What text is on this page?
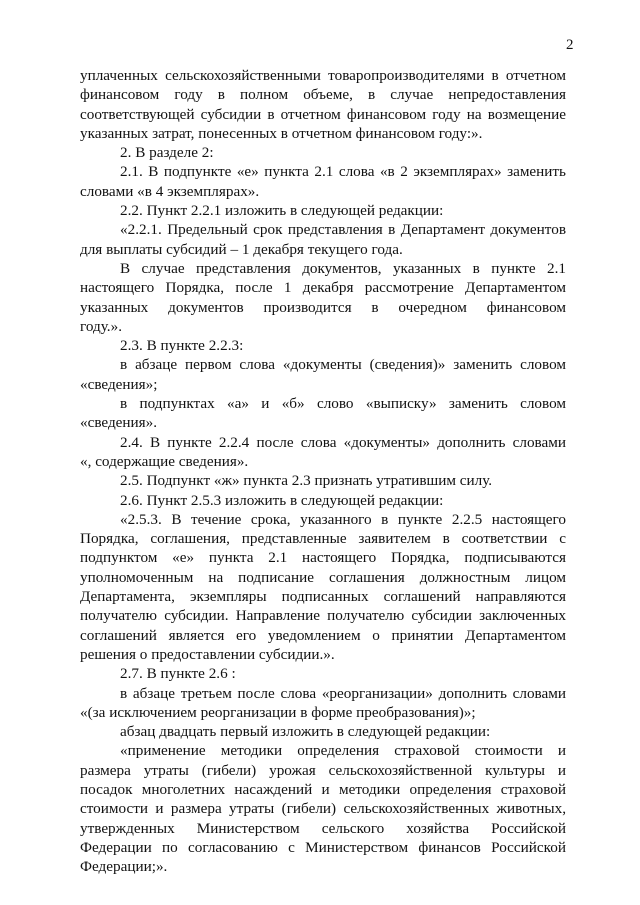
2
уплаченных сельскохозяйственными товаропроизводителями в отчетном
финансовом году в полном объеме, в случае непредоставления
соответствующей субсидии в отчетном финансовом году на возмещение
указанных затрат, понесенных в отчетном финансовом году:».
2. В разделе 2:
2.1. В подпункте «е» пункта 2.1 слова «в 2 экземплярах» заменить
словами «в 4 экземплярах».
2.2. Пункт 2.2.1 изложить в следующей редакции:
«2.2.1. Предельный срок представления в Департамент документов
для выплаты субсидий – 1 декабря текущего года.
В случае представления документов, указанных в пункте 2.1
настоящего Порядка, после 1 декабря рассмотрение Департаментом
указанных документов производится в очередном финансовом
году.».
2.3. В пункте 2.2.3:
в абзаце первом слова «документы (сведения)» заменить словом
«сведения»;
в подпунктах «а» и «б» слово «выписку» заменить словом
«сведения».
2.4. В пункте 2.2.4 после слова «документы» дополнить словами
«, содержащие сведения».
2.5. Подпункт «ж» пункта 2.3 признать утратившим силу.
2.6. Пункт 2.5.3 изложить в следующей редакции:
«2.5.3. В течение срока, указанного в пункте 2.2.5 настоящего
Порядка, соглашения, представленные заявителем в соответствии с
подпунктом «е» пункта 2.1 настоящего Порядка, подписываются
уполномоченным на подписание соглашения должностным лицом
Департамента, экземпляры подписанных соглашений направляются
получателю субсидии. Направление получателю субсидии заключенных
соглашений является его уведомлением о принятии Департаментом
решения о предоставлении субсидии.».
2.7. В пункте 2.6 :
в абзаце третьем после слова «реорганизации» дополнить словами
«(за исключением реорганизации в форме преобразования)»;
абзац двадцать первый изложить в следующей редакции:
«применение методики определения страховой стоимости и
размера утраты (гибели) урожая сельскохозяйственной культуры и
посадок многолетних насаждений и методики определения страховой
стоимости и размера утраты (гибели) сельскохозяйственных животных,
утвержденных Министерством сельского хозяйства Российской
Федерации по согласованию с Министерством финансов Российской
Федерации;».
